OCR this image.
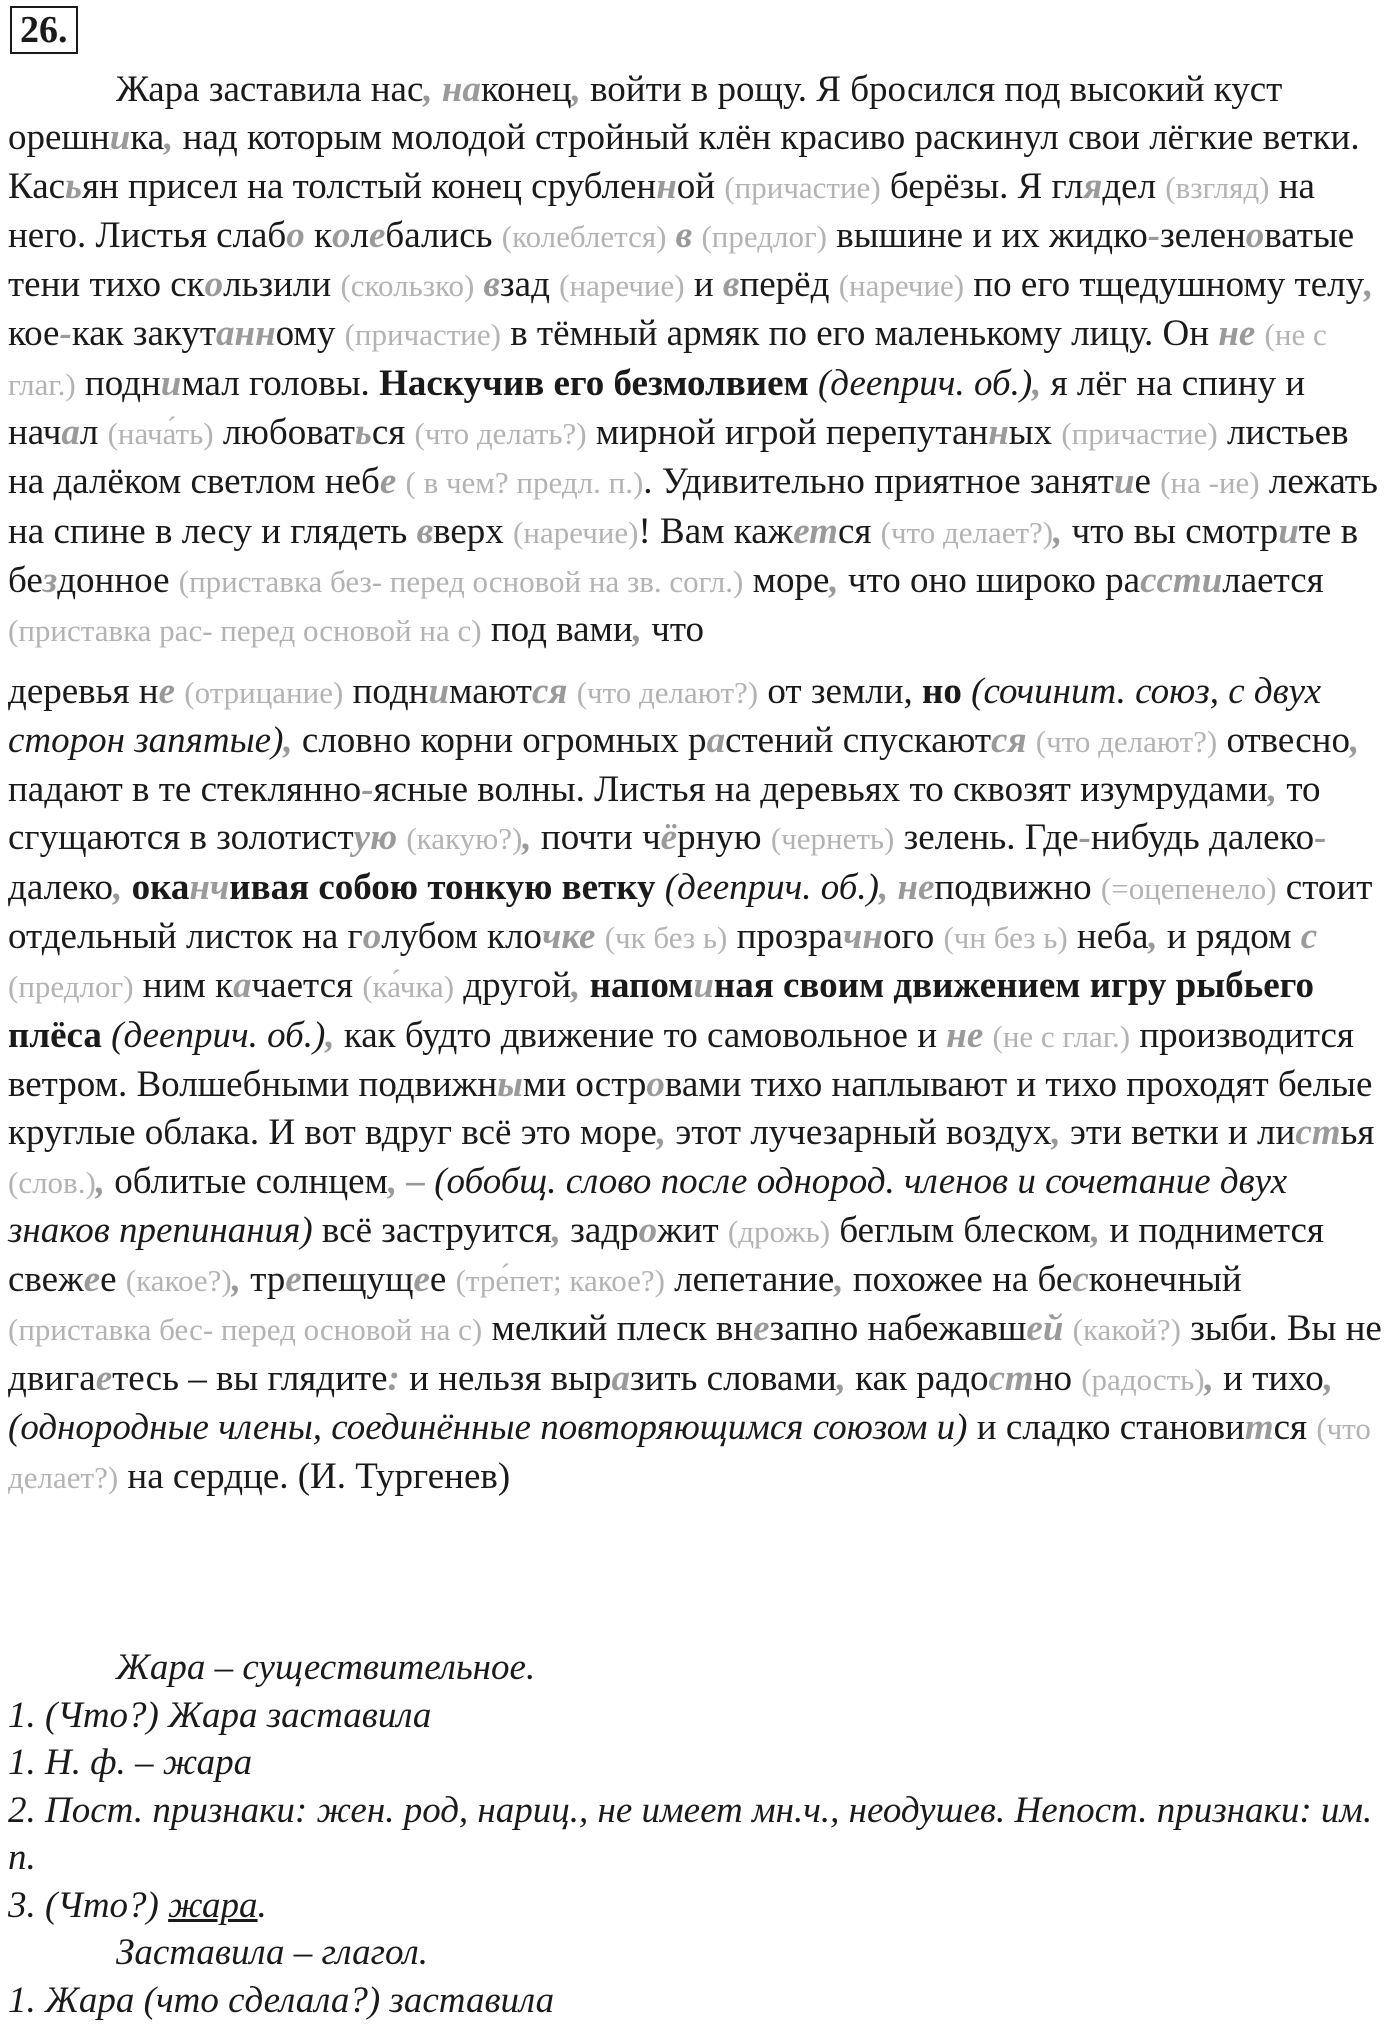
26.

Жара заставила нас, наконец, войти в рощу. Я бросился под высокий куст орешника, над которым молодой стройный клён красиво раскинул свои лёгкие ветки. Касьян присел на толстый конец срубленной (причастие) берёзы. Я глядел (взгляд) на него. Листья слабо колебались (колеблется) в (предлог) вышине и их жидко-зеленоватые тени тихо скользили (скользко) взад (наречие) и вперёд (наречие) по его тщедушному телу, кое-как закутанному (причастие) в тёмный армяк по его маленькому лицу. Он не (не с глаг.) поднимал головы. Наскучив его безмолвием (дееприч. об.), я лёг на спину и начал (нача́ть) любоваться (что делать?) мирной игрой перепутанных (причастие) листьев на далёком светлом небе ( в чем? предл. п.). Удивительно приятное занятие (на -ие) лежать на спине в лесу и глядеть вверх (наречие)! Вам кажется (что делает?), что вы смотрите в бездонное (приставка без- перед основой на зв. согл.) море, что оно широко расстилается (приставка рас- перед основой на с) под вами, что

деревья не (отрицание) поднимаются (что делают?) от земли, но (сочинит. союз, с двух сторон запятые), словно корни огромных растений спускаются (что делают?) отвесно, падают в те стеклянно-ясные волны. Листья на деревьях то сквозят изумрудами, то сгущаются в золотистую (какую?), почти чёрную (чернеть) зелень. Где-нибудь далеко-далеко, оканчивая собою тонкую ветку (дееприч. об.), неподвижно (=оцепенело) стоит отдельный листок на голубом клочке (чк без ь) прозрачного (чн без ь) неба, и рядом с (предлог) ним качается (ка́чка) другой, напоминая своим движением игру рыбьего плёса (дееприч. об.), как будто движение то самовольное и не (не с глаг.) производится ветром. Волшебными подвижными островами тихо наплывают и тихо проходят белые круглые облака. И вот вдруг всё это море, этот лучезарный воздух, эти ветки и листья (слов.), облитые солнцем, – (обобщ. слово после однород. членов и сочетание двух знаков препинания) всё заструится, задрожит (дрожь) беглым блеском, и поднимется свежее (какое?), трепещущее (тре́пет; какое?) лепетание, похожее на бесконечный (приставка бес- перед основой на с) мелкий плеск внезапно набежавшей (какой?) зыби. Вы не двигаетесь – вы глядите: и нельзя выразить словами, как радостно (радость), и тихо, (однородные члены, соединённые повторяющимся союзом и) и сладко становится (что делает?) на сердце. (И. Тургенев)

Жара – существительное.

1. (Что?) Жара заставила

1. Н. ф. – жара

2. Пост. признаки: жен. род, нариц., не имеет мн.ч., неодушев. Непост. признаки: им. п.

3. (Что?) жара.

Заставила – глагол.

1. Жара (что сделала?) заставила
